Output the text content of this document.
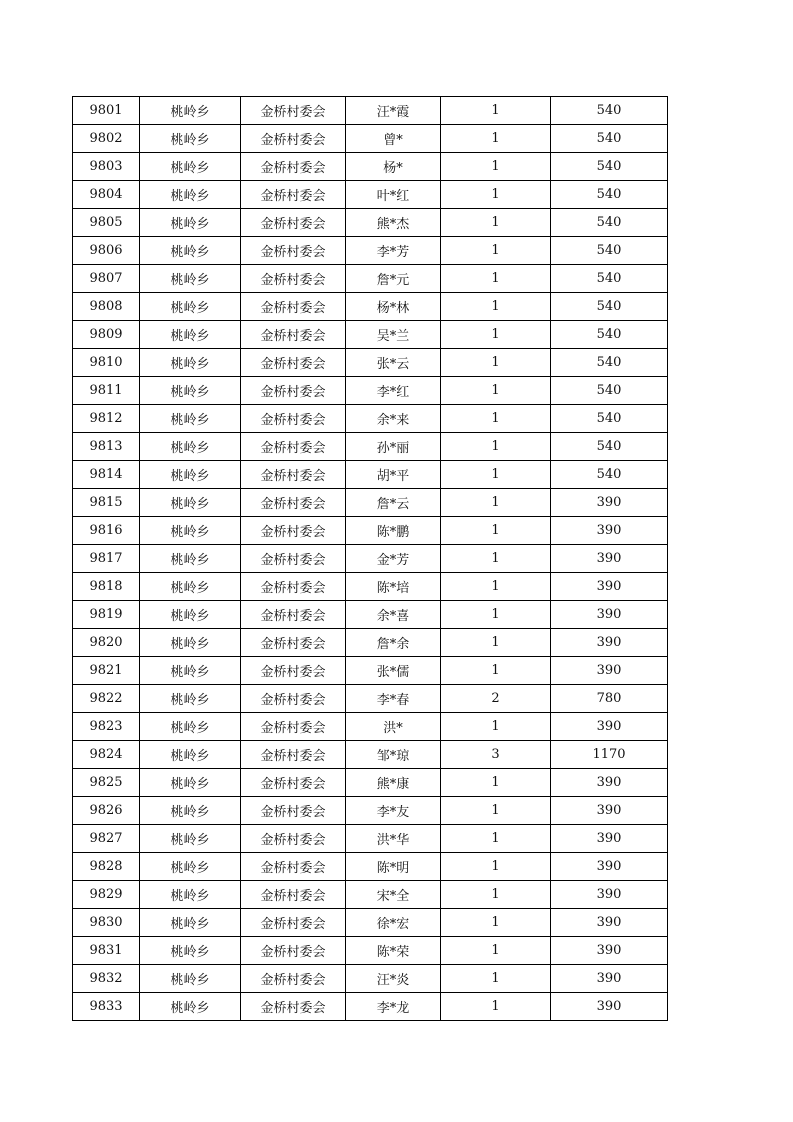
9801	桃岭乡	金桥村委会	汪*霞	1	540
9802	桃岭乡	金桥村委会	曾*	1	540
9803	桃岭乡	金桥村委会	杨*	1	540
9804	桃岭乡	金桥村委会	叶*红	1	540
9805	桃岭乡	金桥村委会	熊*杰	1	540
9806	桃岭乡	金桥村委会	李*芳	1	540
9807	桃岭乡	金桥村委会	詹*元	1	540
9808	桃岭乡	金桥村委会	杨*林	1	540
9809	桃岭乡	金桥村委会	吴*兰	1	540
9810	桃岭乡	金桥村委会	张*云	1	540
9811	桃岭乡	金桥村委会	李*红	1	540
9812	桃岭乡	金桥村委会	余*来	1	540
9813	桃岭乡	金桥村委会	孙*丽	1	540
9814	桃岭乡	金桥村委会	胡*平	1	540
9815	桃岭乡	金桥村委会	詹*云	1	390
9816	桃岭乡	金桥村委会	陈*鹏	1	390
9817	桃岭乡	金桥村委会	金*芳	1	390
9818	桃岭乡	金桥村委会	陈*培	1	390
9819	桃岭乡	金桥村委会	余*喜	1	390
9820	桃岭乡	金桥村委会	詹*余	1	390
9821	桃岭乡	金桥村委会	张*儒	1	390
9822	桃岭乡	金桥村委会	李*春	2	780
9823	桃岭乡	金桥村委会	洪*	1	390
9824	桃岭乡	金桥村委会	邹*琼	3	1170
9825	桃岭乡	金桥村委会	熊*康	1	390
9826	桃岭乡	金桥村委会	李*友	1	390
9827	桃岭乡	金桥村委会	洪*华	1	390
9828	桃岭乡	金桥村委会	陈*明	1	390
9829	桃岭乡	金桥村委会	宋*全	1	390
9830	桃岭乡	金桥村委会	徐*宏	1	390
9831	桃岭乡	金桥村委会	陈*荣	1	390
9832	桃岭乡	金桥村委会	汪*炎	1	390
9833	桃岭乡	金桥村委会	李*龙	1	390
